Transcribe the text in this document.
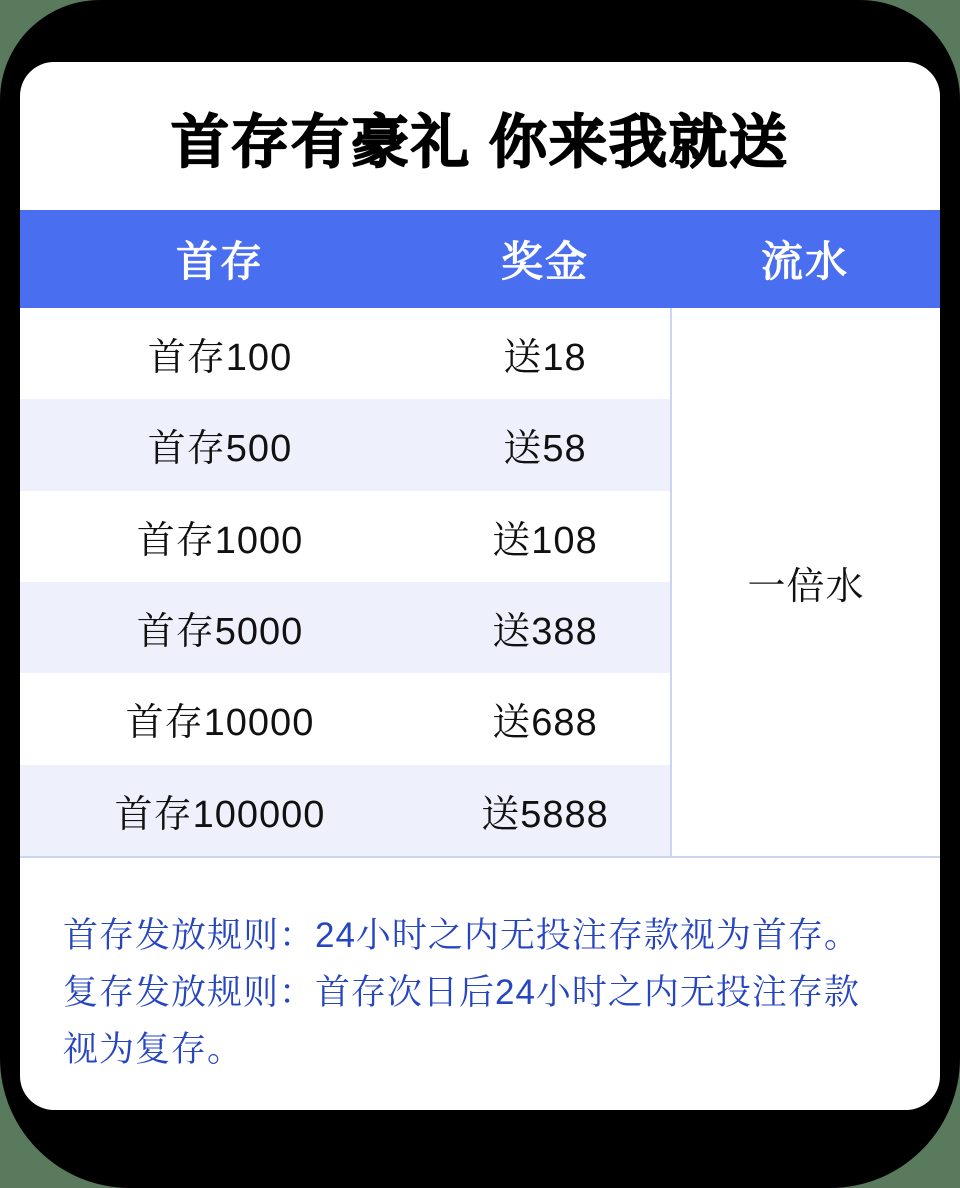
首存有豪礼 你来我就送
首存	奖金	流水
首存100	送18
首存500	送58
首存1000	送108
首存5000	送388
首存10000	送688
首存100000	送5888
一倍水

首存发放规则：24小时之内无投注存款视为首存。

复存发放规则：首存次日后24小时之内无投注存款视为复存。
